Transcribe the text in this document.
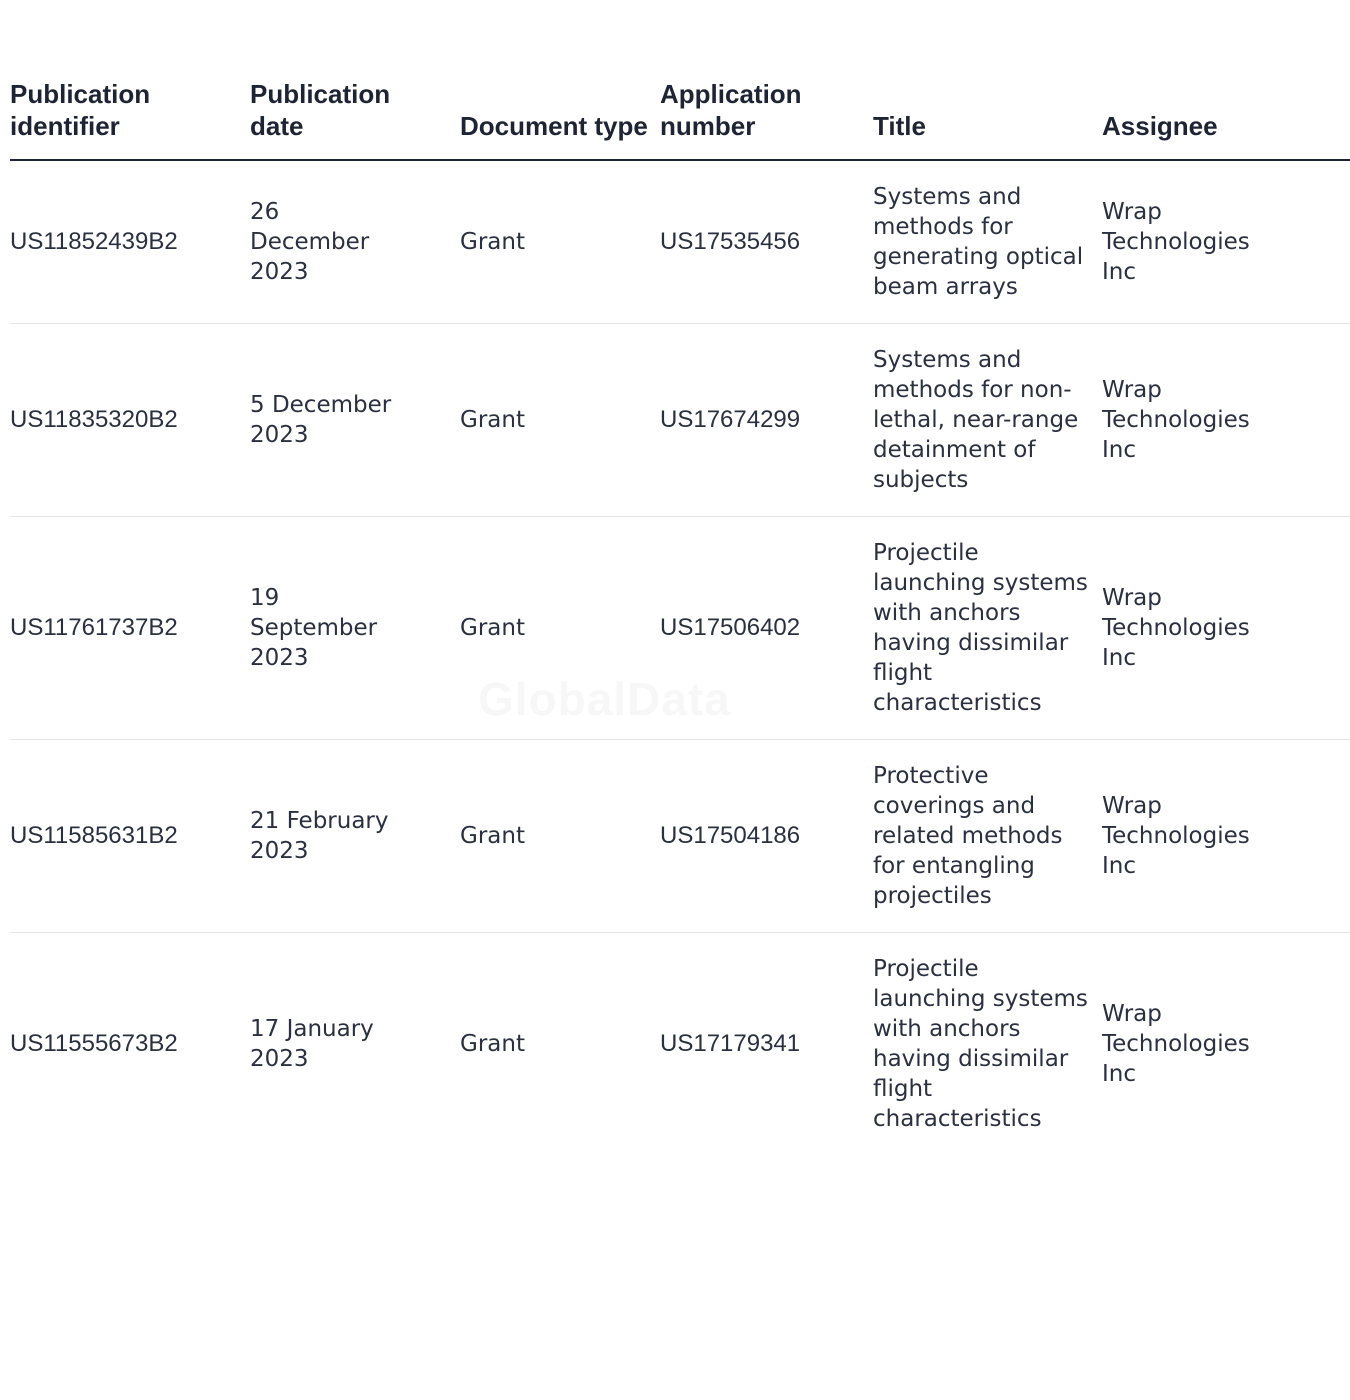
Publication identifier	Publication date	Document type	Application number	Title	Assignee
US11852439B2	26 December 2023	Grant	US17535456	Systems and methods for generating optical beam arrays	Wrap Technologies Inc

US11835320B2	5 December 2023	Grant	US17674299	Systems and methods for non-lethal, near-range detainment of subjects	Wrap Technologies Inc

US11761737B2	19 September 2023	Grant	US17506402	Projectile launching systems with anchors having dissimilar flight characteristics	Wrap Technologies Inc

US11585631B2	21 February 2023	Grant	US17504186	Protective coverings and related methods for entangling projectiles	Wrap Technologies Inc

US11555673B2	17 January 2023	Grant	US17179341	Projectile launching systems with anchors having dissimilar flight characteristics	Wrap Technologies Inc
